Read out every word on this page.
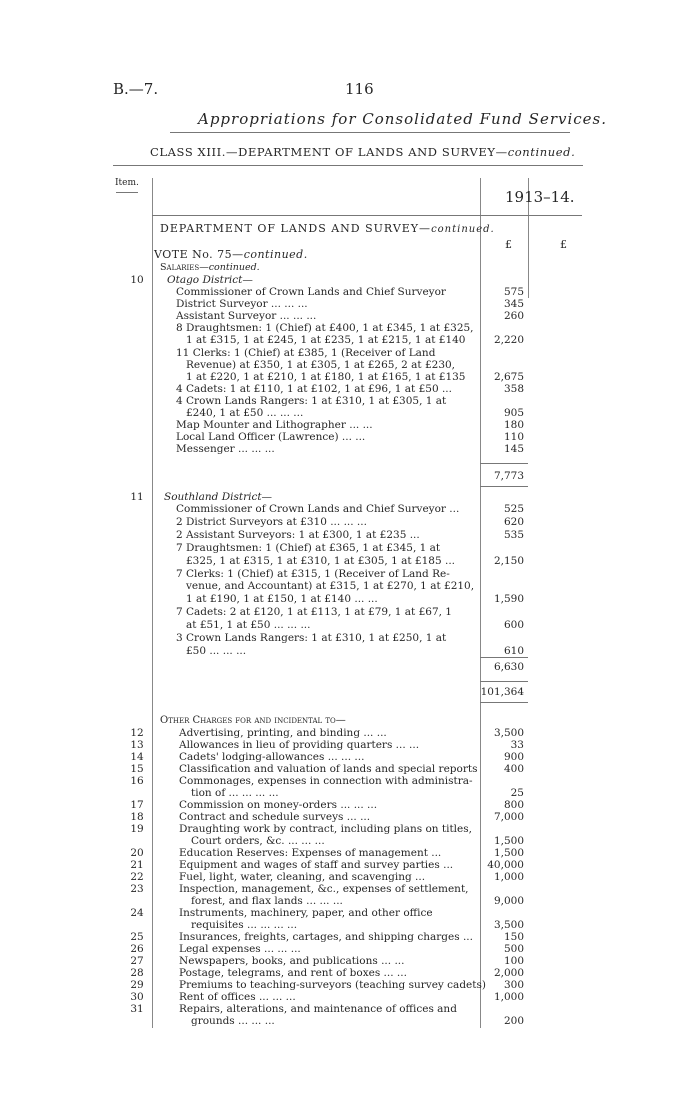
B.—7.	116
Appropriations for Consolidated Fund Services.
CLASS XIII.—DEPARTMENT OF LANDS AND SURVEY—continued.
Item.
1913–14.
DEPARTMENT OF LANDS AND SURVEY—continued.
£	£
VOTE No. 75—continued.
Salaries—continued.
10	Otago District—
Commissioner of Crown Lands and Chief Surveyor	575
District Surveyor ... ... ...	345
Assistant Surveyor ... ... ...	260
8 Draughtsmen: 1 (Chief) at £400, 1 at £345, 1 at £325,
1 at £315, 1 at £245, 1 at £235, 1 at £215, 1 at £140	2,220
11 Clerks: 1 (Chief) at £385, 1 (Receiver of Land
Revenue) at £350, 1 at £305, 1 at £265, 2 at £230,
1 at £220, 1 at £210, 1 at £180, 1 at £165, 1 at £135	2,675
4 Cadets: 1 at £110, 1 at £102, 1 at £96, 1 at £50 ...	358
4 Crown Lands Rangers: 1 at £310, 1 at £305, 1 at
£240, 1 at £50 ... ... ...	905
Map Mounter and Lithographer ... ...	180
Local Land Officer (Lawrence) ... ...	110
Messenger ... ... ...	145
7,773
11	Southland District—
Commissioner of Crown Lands and Chief Surveyor ...	525
2 District Surveyors at £310 ... ... ...	620
2 Assistant Surveyors: 1 at £300, 1 at £235 ...	535
7 Draughtsmen: 1 (Chief) at £365, 1 at £345, 1 at
£325, 1 at £315, 1 at £310, 1 at £305, 1 at £185 ...	2,150
7 Clerks: 1 (Chief) at £315, 1 (Receiver of Land Re-
venue, and Accountant) at £315, 1 at £270, 1 at £210,
1 at £190, 1 at £150, 1 at £140 ... ...	1,590
7 Cadets: 2 at £120, 1 at £113, 1 at £79, 1 at £67, 1
at £51, 1 at £50 ... ... ...	600
3 Crown Lands Rangers: 1 at £310, 1 at £250, 1 at
£50 ... ... ...	610
6,630
101,364
Other Charges for and incidental to—
12	Advertising, printing, and binding ... ...	3,500
13	Allowances in lieu of providing quarters ... ...	33
14	Cadets' lodging-allowances ... ... ...	900
15	Classification and valuation of lands and special reports	400
16	Commonages, expenses in connection with administra-
tion of ... ... ... ...	25
17	Commission on money-orders ... ... ...	800
18	Contract and schedule surveys ... ...	7,000
19	Draughting work by contract, including plans on titles,
Court orders, &c. ... ... ...	1,500
20	Education Reserves: Expenses of management ...	1,500
21	Equipment and wages of staff and survey parties ...	40,000
22	Fuel, light, water, cleaning, and scavenging ...	1,000
23	Inspection, management, &c., expenses of settlement,
forest, and flax lands ... ... ...	9,000
24	Instruments, machinery, paper, and other office
requisites ... ... ... ...	3,500
25	Insurances, freights, cartages, and shipping charges ...	150
26	Legal expenses ... ... ...	500
27	Newspapers, books, and publications ... ...	100
28	Postage, telegrams, and rent of boxes ... ...	2,000
29	Premiums to teaching-surveyors (teaching survey cadets)	300
30	Rent of offices ... ... ...	1,000
31	Repairs, alterations, and maintenance of offices and
grounds ... ... ...	200
